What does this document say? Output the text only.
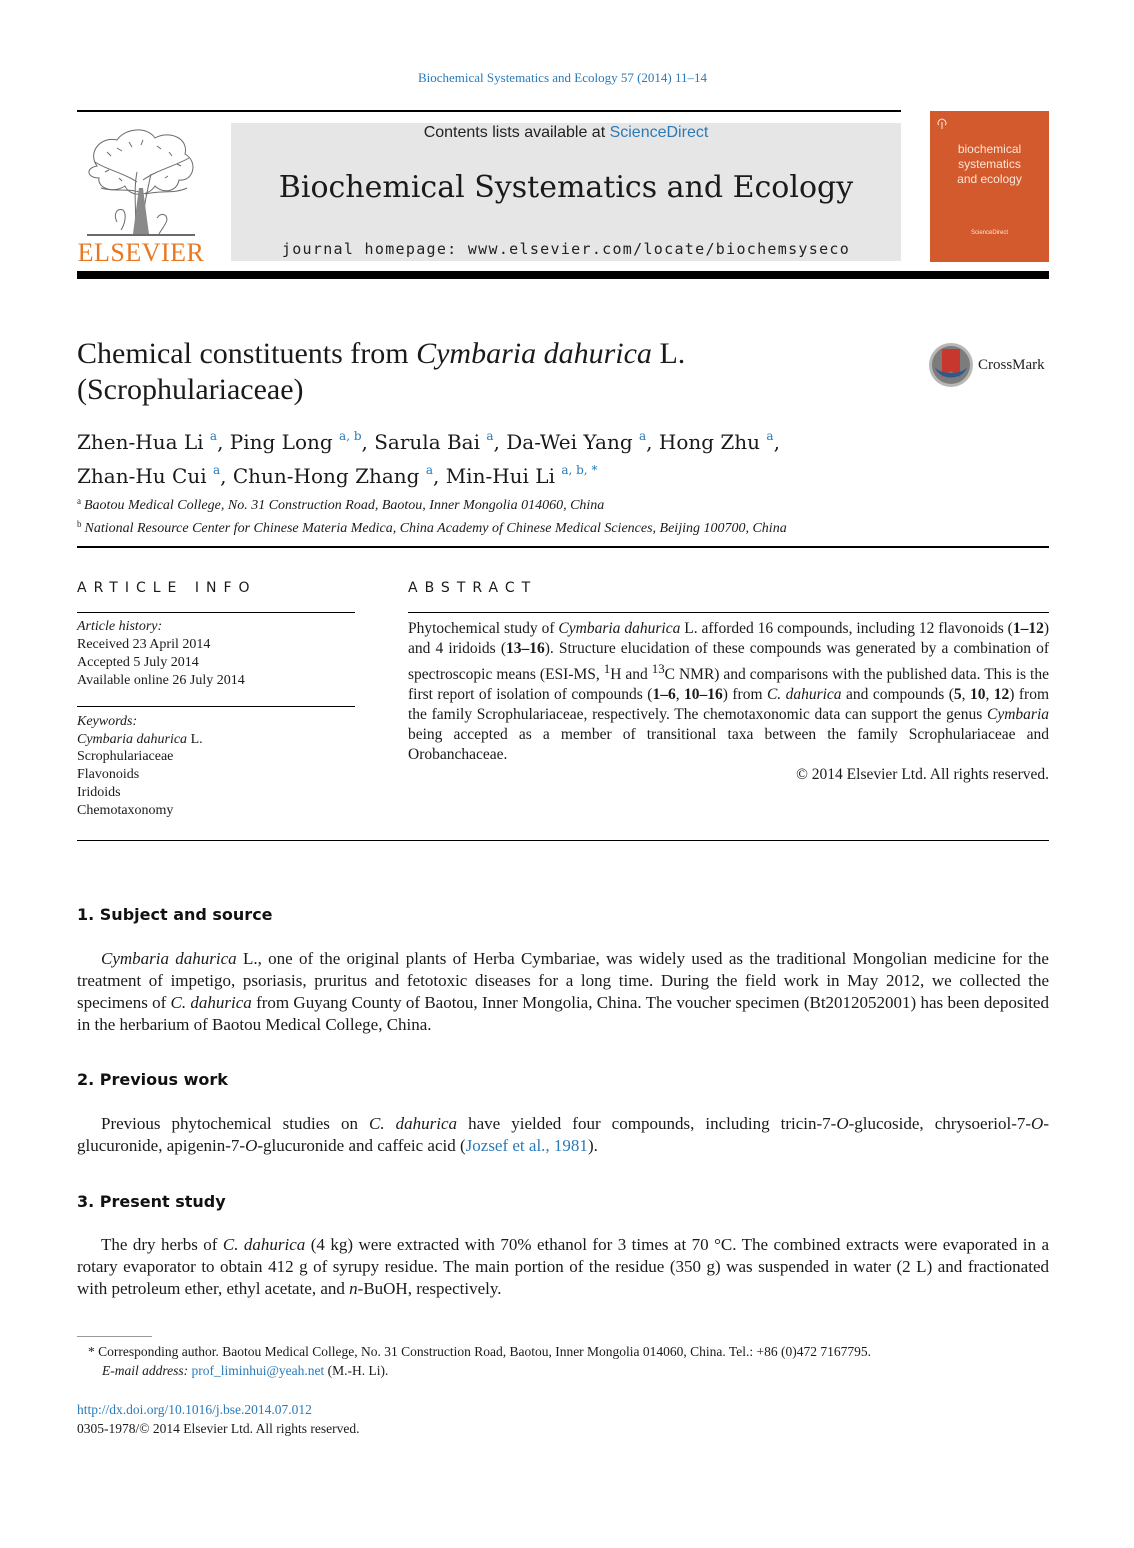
Biochemical Systematics and Ecology 57 (2014) 11–14
ELSEVIER
Contents lists available at ScienceDirect
Biochemical Systematics and Ecology
journal homepage: www.elsevier.com/locate/biochemsyseco
biochemical
systematics
and ecology
ScienceDirect
Chemical constituents from Cymbaria dahurica L.
(Scrophulariaceae)
CrossMark
Zhen-Hua Li $^a$, Ping Long $^{a, b}$, Sarula Bai $^a$, Da-Wei Yang $^a$, Hong Zhu $^a$,
Zhan-Hu Cui $^a$, Chun-Hong Zhang $^a$, Min-Hui Li $^{a, b, *}$
$^a$ Baotou Medical College, No. 31 Construction Road, Baotou, Inner Mongolia 014060, China
$^b$ National Resource Center for Chinese Materia Medica, China Academy of Chinese Medical Sciences, Beijing 100700, China
ARTICLE INFO
Article history:
Received 23 April 2014
Accepted 5 July 2014
Available online 26 July 2014
Keywords:
Cymbaria dahurica L.
Scrophulariaceae
Flavonoids
Iridoids
Chemotaxonomy
ABSTRACT
Phytochemical study of Cymbaria dahurica L. afforded 16 compounds, including 12 flavonoids (1–12) and 4 iridoids (13–16). Structure elucidation of these compounds was generated by a combination of spectroscopic means (ESI-MS, $^1$H and $^{13}$C NMR) and comparisons with the published data. This is the first report of isolation of compounds (1–6, 10–16) from C. dahurica and compounds (5, 10, 12) from the family Scrophulariaceae, respectively. The chemotaxonomic data can support the genus Cymbaria being accepted as a member of transitional taxa between the family Scrophulariaceae and Orobanchaceae.
© 2014 Elsevier Ltd. All rights reserved.
1. Subject and source
Cymbaria dahurica L., one of the original plants of Herba Cymbariae, was widely used as the traditional Mongolian medicine for the treatment of impetigo, psoriasis, pruritus and fetotoxic diseases for a long time. During the field work in May 2012, we collected the specimens of C. dahurica from Guyang County of Baotou, Inner Mongolia, China. The voucher specimen (Bt2012052001) has been deposited in the herbarium of Baotou Medical College, China.
2. Previous work
Previous phytochemical studies on C. dahurica have yielded four compounds, including tricin-7-O-glucoside, chrysoeriol-7-O-glucuronide, apigenin-7-O-glucuronide and caffeic acid (Jozsef et al., 1981).
3. Present study
The dry herbs of C. dahurica (4 kg) were extracted with 70% ethanol for 3 times at 70 °C. The combined extracts were evaporated in a rotary evaporator to obtain 412 g of syrupy residue. The main portion of the residue (350 g) was suspended in water (2 L) and fractionated with petroleum ether, ethyl acetate, and n-BuOH, respectively.
* Corresponding author. Baotou Medical College, No. 31 Construction Road, Baotou, Inner Mongolia 014060, China. Tel.: +86 (0)472 7167795.
E-mail address: prof_liminhui@yeah.net (M.-H. Li).
http://dx.doi.org/10.1016/j.bse.2014.07.012
0305-1978/© 2014 Elsevier Ltd. All rights reserved.
